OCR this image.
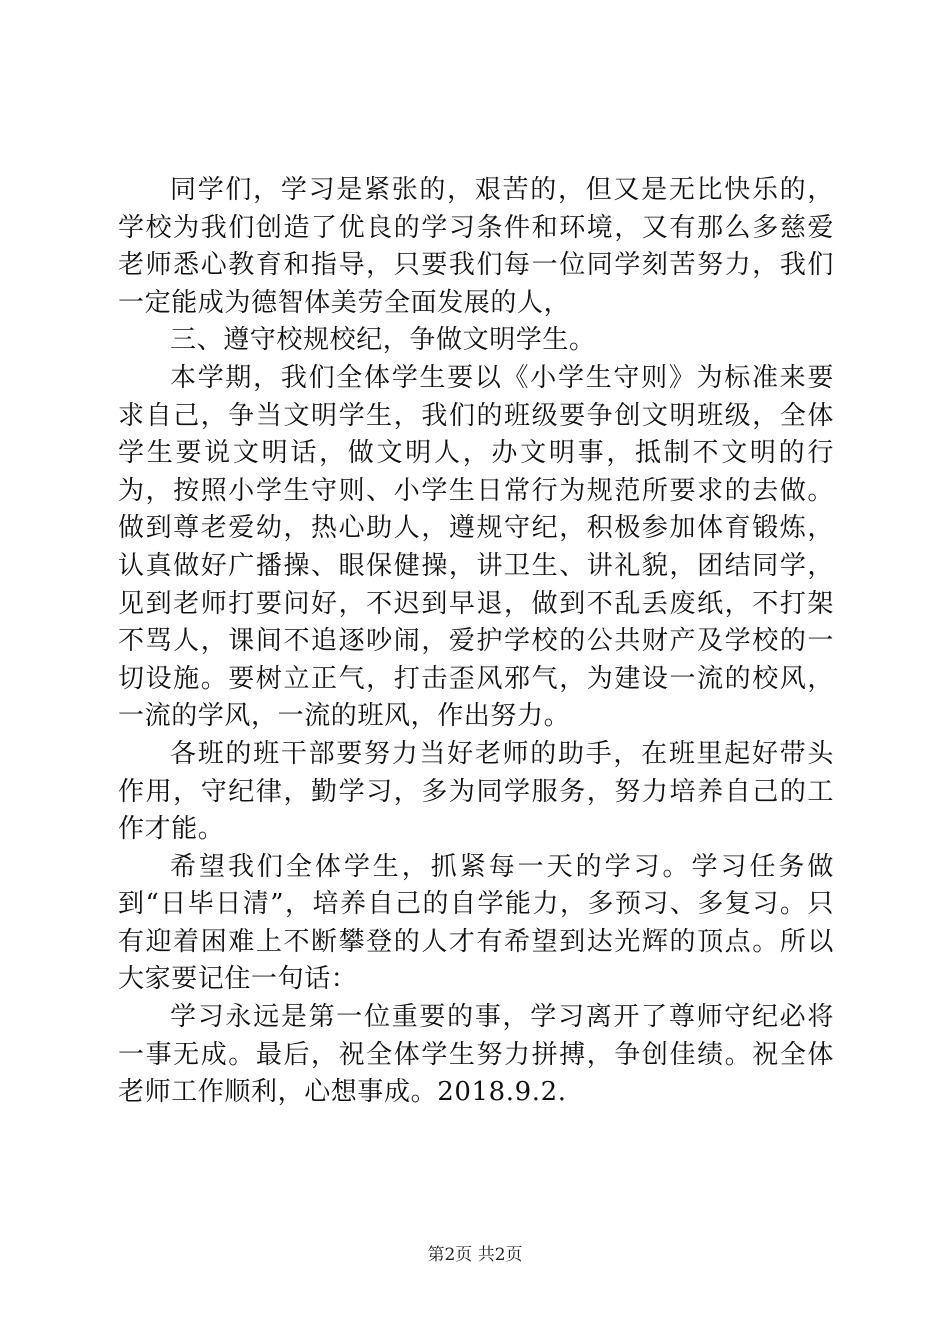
同学们，学习是紧张的，艰苦的，但又是无比快乐的，学校为我们创造了优良的学习条件和环境，又有那么多慈爱老师悉心教育和指导，只要我们每一位同学刻苦努力，我们一定能成为德智体美劳全面发展的人，

三、遵守校规校纪，争做文明学生。

本学期，我们全体学生要以《小学生守则》为标准来要求自己，争当文明学生，我们的班级要争创文明班级，全体学生要说文明话，做文明人，办文明事，抵制不文明的行为，按照小学生守则、小学生日常行为规范所要求的去做。做到尊老爱幼，热心助人，遵规守纪，积极参加体育锻炼，认真做好广播操、眼保健操，讲卫生、讲礼貌，团结同学，见到老师打要问好，不迟到早退，做到不乱丢废纸，不打架不骂人，课间不追逐吵闹，爱护学校的公共财产及学校的一切设施。要树立正气，打击歪风邪气，为建设一流的校风，一流的学风，一流的班风，作出努力。

各班的班干部要努力当好老师的助手，在班里起好带头作用，守纪律，勤学习，多为同学服务，努力培养自己的工作才能。

希望我们全体学生，抓紧每一天的学习。学习任务做到“日毕日清”，培养自己的自学能力，多预习、多复习。只有迎着困难上不断攀登的人才有希望到达光辉的顶点。所以大家要记住一句话：

学习永远是第一位重要的事，学习离开了尊师守纪必将一事无成。最后，祝全体学生努力拼搏，争创佳绩。祝全体老师工作顺利，心想事成。2018.9.2.

第2页 共2页
